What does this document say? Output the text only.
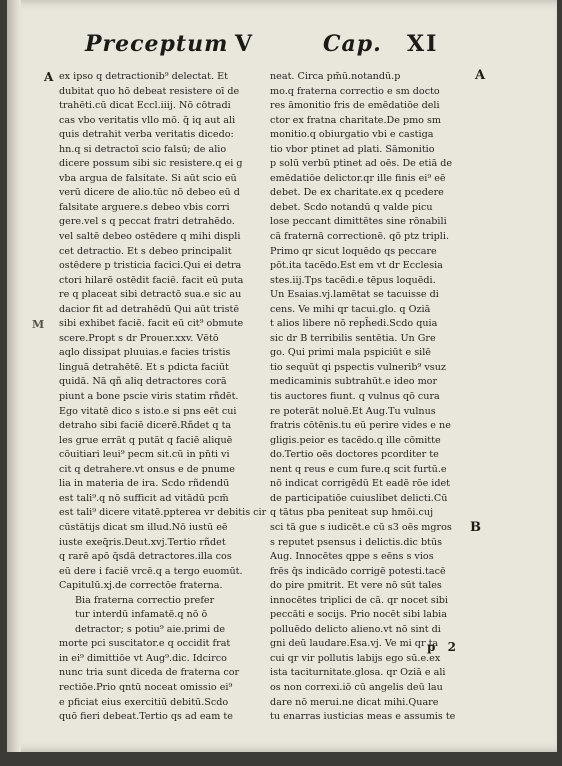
Preceptum V	Cap. XI
A
M
A
B
ex ipso q detractionib⁹ delectat. Et
dubitat quo hō debeat resistere oī de
trahēti.cū dicat Eccl.iiij. Nō cōtradi
cas vbo veritatis vllo mō. q̄ iq aut ali
quis detrahit verba veritatis dicedo:
hn.q si detractoī scio falsū; de alio
dicere possum sibi sic resistere.q ei g
vba argua de falsitate. Si aūt scio eū
verū dicere de alio.tūc nō debeo eū d
falsitate arguere.s debeo vbis corri
gere.vel s q peccat fratri detrahēdo.
vel saltē debeo ostēdere q mihi displi
cet detractio. Et s debeo principalit
ostēdere p tristicia facici.Qui ei detra
ctori hilarē ostēdit faciē. facit eū puta
re q placeat sibi detractō sua.e sic au
dacior fit ad detrahēdū Qui aūt tristē
sibi exhibet faciē. facit eū cit⁹ obmute
scere.Propt s dr Prouer.xxv. Vētō
aqlo dissipat pluuias.e facies tristis
linguā detrahētē. Et s pdicta faciūt
quidā. Nā qñ aliq detractores corā
piunt a bone pscie viris statim rñdēt.
Ego vitatē dico s isto.e si pns eēt cui
detraho sibi faciē dicerē.Rñdet q ta
les grue errāt q putāt q faciē aliquē
cōuitiari leui⁹ pecm sit.cū in pn̄ti vi
cit q detrahere.vt onsus e de pnume
lia in materia de ira. Scdo rñdendū
est tali⁹.q nō sufficit ad vitādū pcm̄
est tali⁹ dicere vitatē.ppterea vr debitis cir
cūstātijs dicat sm illud.Nō iustū eē
iuste exeq̄ris.Deut.xvj.Tertio rñdet
q rarē apō q̄sdā detractores.illa cos
eū dere i faciē vrcē.q a tergo euomūt.
Capitulū.xj.de correctōe fraterna.
Bia fraterna correctio prefer
tur interdū infamatē.q nō ō
detractor; s potiu⁹ aie.primi de
morte pci suscitator.e q occidit frat
in ei⁹ dimittiōe vt Aug⁹.dic. Idcirco
nunc tria sunt diceda de fraterna cor
rectiōe.Prio qntū noceat omissio ei⁹
e pficiat eius exercitiū debitū.Scdo
quō fieri debeat.Tertio qs ad eam te
neat. Circa pm̄ū.notandū.p
mo.q fraterna correctio e sm docto
res āmonitio fris de emēdatiōe deli
ctor ex fratna charitate.De pmo sm
monitio.q obiurgatio vbi e castiga
tio vbor ptinet ad plati. Sāmonitio
p solū verbū ptinet ad oēs. De etiā de
emēdatiōe delictor.qr ille finis ei⁹ eē
debet. De ex charitate.ex q pcedere
debet. Scdo notandū q valde picu
lose peccant dimittētes sine rōnabili
cā fraternā correctionē. qō ptz tripli.
Primo qr sicut loquēdo qs peccare
pōt.ita tacēdo.Est em vt dr Ecclesia
stes.iij.Tps tacēdi.e tēpus loquēdi.
Un Esaias.vj.lamētat se tacuisse di
cens. Ve mihi qr tacui.glo. q Oziā
t alios libere nō reph̄edi.Scdo quia
sic dr B terribilis sentētia. Un Gre
go. Qui primi mala pspiciūt e silē
tio sequūt qi pspectis vulnerib⁹ vsuz
medicaminis subtrahūt.e ideo mor
tis auctores fiunt. q vulnus qō cura
re poterāt noluē.Et Aug.Tu vulnus
fratris cōtēnis.tu eū perire vides e ne
gligis.peior es tacēdo.q ille cōmitte
do.Tertio oēs doctores pcorditer te
nent q reus e cum fure.q scit furtū.e
nō indicat corrigēdū Et eadē rōe idet
de participatiōe cuiuslibet delicti.Cū
q tātus pba peniteat sup hmōi.cuj
sci tā gue s iudicēt.e cū s3 oēs mgros
s reputet psensus i delictis.dic btūs
Aug. Innocētes qppe s eēns s vios
frēs q̄s indicādo corrigē potesti.tacē
do pire pmitrit. Et vere nō sūt tales
innocētes triplici de cā. qr nocet sibi
peccāti e socijs. Prio nocēt sibi labia
polluēdo delicto alieno.vt nō sint di
gni deū laudare.Esa.vj. Ve mi qr ta
cui qr vir pollutis labijs ego sū.e.ex
ista taciturnitate.glosa. qr Oziā e ali
os non correxi.iō cū angelis deū lau
dare nō merui.ne dicat mihi.Quare
tu enarras iusticias meas e assumis te
p 2
